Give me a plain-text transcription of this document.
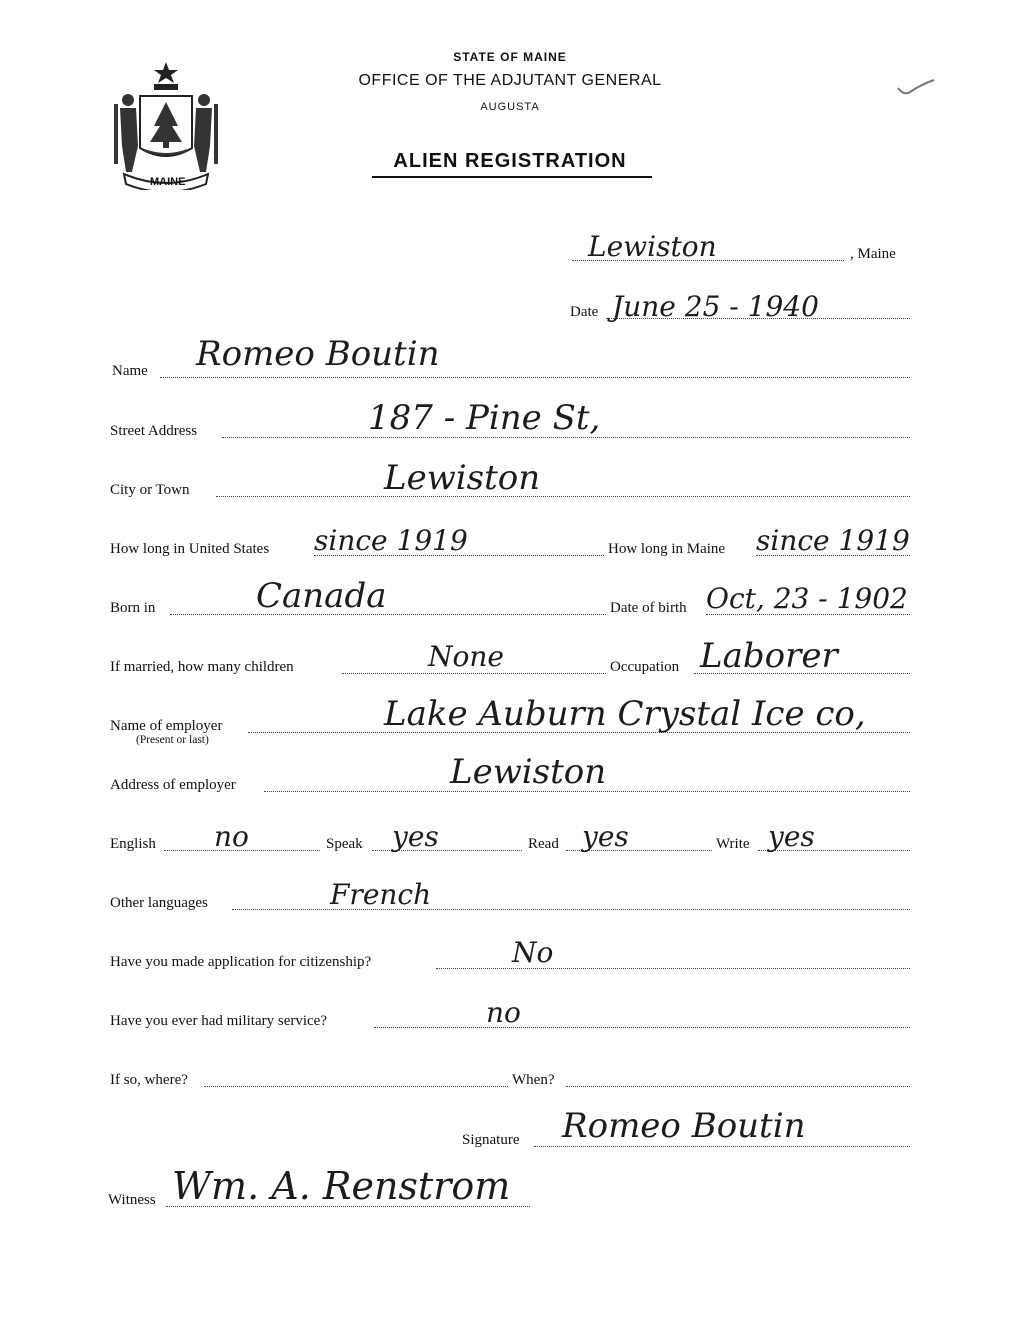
MAINE
STATE OF MAINE
OFFICE OF THE ADJUTANT GENERAL
AUGUSTA
ALIEN REGISTRATION
Lewiston	, Maine
Date June 25 - 1940
Name Romeo Boutin
Street Address	187 - Pine St,
City or Town	Lewiston
How long in United States since 1919	How long in Maine since 1919
Born in	Canada	Date of birth Oct, 23 - 1902
If married, how many children	None	Occupation Laborer
Name of employer
(Present or last)
Lake Auburn Crystal Ice co,
Address of employer	Lewiston
English no	Speak yes	Read yes	Write yes
Other languages	French
Have you made application for citizenship?	No
Have you ever had military service?	no
If so, where?	When?
Signature Romeo Boutin
Witness Wm. A. Renstrom
